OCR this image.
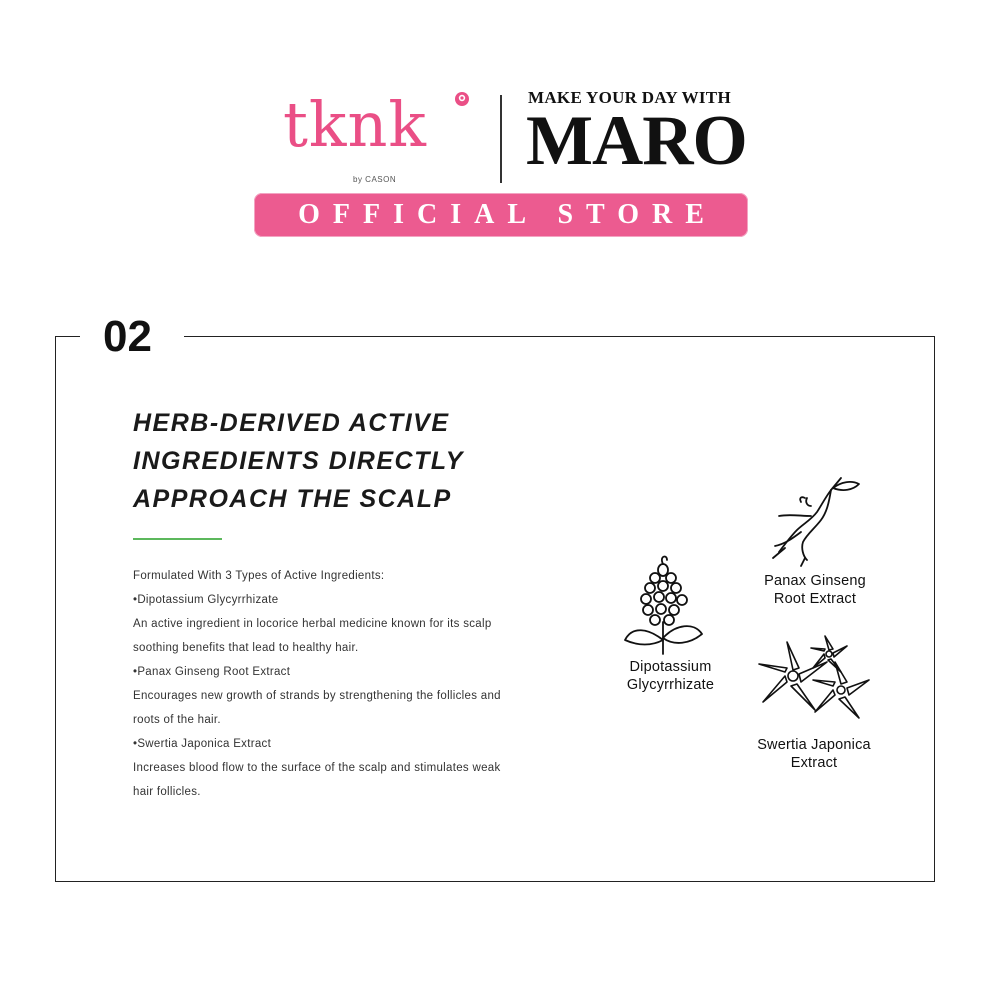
tknk
by CASON
MAKE YOUR DAY WITH
MARO
OFFICIAL STORE
02
HERB-DERIVED ACTIVE
INGREDIENTS DIRECTLY
APPROACH THE SCALP

Formulated With 3 Types of Active Ingredients:

•Dipotassium Glycyrrhizate

An active ingredient in locorice herbal medicine known for its scalp

soothing benefits that lead to healthy hair.

•Panax Ginseng Root Extract

Encourages new growth of strands by strengthening the follicles and

roots of the hair.

•Swertia Japonica Extract

Increases blood flow to the surface of the scalp and stimulates weak

hair follicles.

Dipotassium
Glycyrrhizate
Panax Ginseng
Root Extract
Swertia Japonica
Extract
